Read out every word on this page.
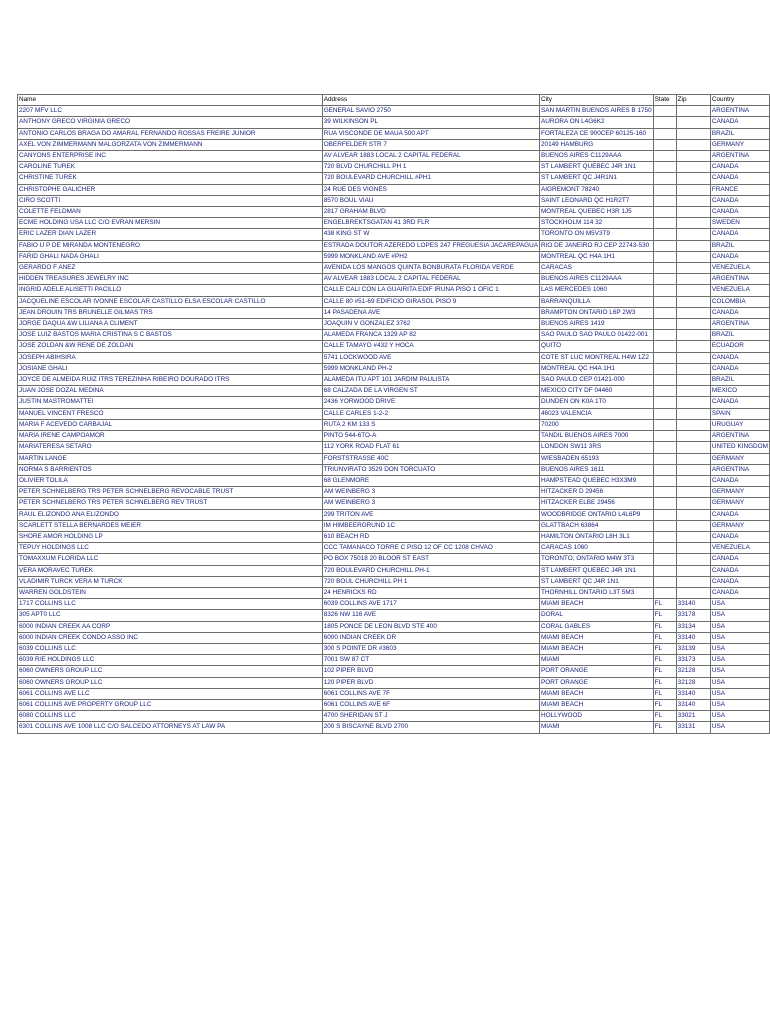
Name	Address	City	State	Zip	Country
2207 MFV LLC	GENERAL SAVIO 2750	SAN MARTIN BUENOS AIRES B 1750			ARGENTINA
ANTHONY GRECO VIRGINIA GRECO	39 WILKINSON PL	AURORA ON L4G6K2			CANADA
ANTONIO CARLOS BRAGA DO AMARAL FERNANDO ROSSAS FREIRE JUNIOR	RUA VISCONDE DE MAUA 500 APT	FORTALEZA CE 900CEP 60125-160			BRAZIL
AXEL VON ZIMMERMANN MALGORZATA VON ZIMMERMANN	OBERFELDER STR 7	20149 HAMBURG			GERMANY
CANYONS ENTERPRISE INC	AV ALVEAR 1883 LOCAL 2 CAPITAL FEDERAL	BUENOS AIRES C1129AAA			ARGENTINA
CAROLINE TUREK	720 BLVD CHURCHILL PH 1	ST LAMBERT QUEBEC J4R 1N1			CANADA
CHRISTINE TUREK	720 BOULEVARD CHURCHILL #PH1	ST LAMBERT QC J4R1N1			CANADA
CHRISTOPHE GALICHER	24 RUE DES VIGNES	AIGREMONT 78240			FRANCE
CIRO SCOTTI	8570 BOUL VIAU	SAINT LEONARD QC H1R2T7			CANADA
COLETTE FELDMAN	2817 GRAHAM BLVD	MONTREAL QUEBEC H3R 1J5			CANADA
ECME HOLDING USA LLC C/O EVRAN MERSIN	ENGELBREKTSGATAN 41 3RD FLR	STOCKHOLM 114 32			SWEDEN
ERIC LAZER DIAN LAZER	438 KING ST W	TORONTO ON M5V3T9			CANADA
FABIO U P DE MIRANDA MONTENEGRO	ESTRADA DOUTOR AZEREDO LOPES 247 FREGUESIA JACAREPAGUA	RIO DE JANEIRO RJ CEP 22743-530			BRAZIL
FARID GHALI NADA GHALI	5999 MONKLAND AVE #PH2	MONTREAL QC H4A 1H1			CANADA
GERARDO F ANEZ	AVENIDA LOS MANGOS QUINTA BONBURATA FLORIDA VERDE	CARACAS			VENEZUELA
HIDDEN TREASURES JEWELRY INC	AV ALVEAR 1883 LOCAL 2 CAPITAL FEDERAL	BUENOS AIRES C1129AAA			ARGENTINA
INGRID ADELE ALISETTI PACILLO	CALLE CALI CON LA GUAIRITA EDIF IRUNA PISO 1 OFIC 1	LAS MERCEDES 1060			VENEZUELA
JACQUELINE ESCOLAR IVONNE ESCOLAR CASTILLO ELSA ESCOLAR CASTILLO	CALLE 80 #51-69 EDIFICIO GIRASOL PISO 9	BARRANQUILLA			COLOMBIA
JEAN DROUIN TRS BRUNELLE GILMAS TRS	14 PASADENA AVE	BRAMPTON ONTARIO L6P 2W3			CANADA
JORGE DAQUA &W LILIANA A CLIMENT	JOAQUIN V GONZALEZ 3762	BUENOS AIRES 1419			ARGENTINA
JOSE LUIZ BASTOS MARIA CRISTINA S C BASTOS	ALAMEDA FRANCA 1329 AP 82	SAO PAULO SAO PAULO 01422-001			BRAZIL
JOSE ZOLDAN &W RENE DE ZOLDAN	CALLE TAMAYO #432 Y HOCA	QUITO			ECUADOR
JOSEPH ABIHSIRA	5741 LOCKWOOD AVE	COTE ST LUC MONTREAL H4W 1Z2			CANADA
JOSIANE GHALI	5999 MONKLAND PH-2	MONTREAL QC H4A 1H1			CANADA
JOYCE DE ALMEIDA RUIZ ITRS TEREZINHA RIBEIRO DOURADO ITRS	ALAMEDA ITU APT 101 JARDIM PAULISTA	SAO PAULO CEP 01421-000			BRAZIL
JUAN JOSE DOZAL MEDINA	68 CALZADA DE LA VIRGEN ST	MEXICO CITY DF 04460			MEXICO
JUSTIN MASTROMATTEI	2436 YORWOOD DRIVE	DUNDEN ON K0A 1T0			CANADA
MANUEL VINCENT FRESCO	CALLE CARLES 1-2-2	46023 VALENCIA			SPAIN
MARIA F ACEVEDO CARBAJAL	RUTA 2 KM 133 S	70200			URUGUAY
MARIA IRENE CAMPOAMOR	PINTO 544-6TO-A	TANDIL BUENOS AIRES 7000			ARGENTINA
MARIATERESA SETARO	112 YORK ROAD FLAT 61	LONDON SW11 3RS			UNITED KINGDOM
MARTIN LANGE	FORSTSTRASSE 40C	WIESBADEN 65193			GERMANY
NORMA S BARRIENTOS	TRIUNVIRATO 3529 DON TORCUATO	BUENOS AIRES 1611			ARGENTINA
OLIVIER TOLILA	68 GLENMORE	HAMPSTEAD QUEBEC H3X3M9			CANADA
PETER SCHNELBERG TRS PETER SCHNELBERG REVOCABLE TRUST	AM WEINBERG 3	HITZACKER D 29456			GERMANY
PETER SCHNELBERG TRS PETER SCHNELBERG REV TRUST	AM WEINBERG 3	HITZACKER ELBE 29456			GERMANY
RAUL ELIZONDO ANA ELIZONDO	299 TRITON AVE	WOODBRIDGE ONTARIO L4L6P9			CANADA
SCARLETT STELLA BERNARDES MEIER	IM HIMBEERGRUND 1C	GLATTBACH 63864			GERMANY
SHORE AMOR HOLDING LP	610 BEACH RD	HAMILTON ONTARIO L8H 3L1			CANADA
TEPUY HOLDINGS LLC	CCC TAMANACO TORRE C PISO 12 OF CC 1208 CHVAO	CARACAS 1060			VENEZUELA
TOMAXXUM FLORIDA LLC	PO BOX 75018 20 BLOOR ST EAST	TORONTO, ONTARIO M4W 3T3			CANADA
VERA MORAVEC TUREK	720 BOULEVARD CHURCHILL PH-1	ST LAMBERT QUEBEC J4R 1N1			CANADA
VLADIMIR TURCK VERA M TURCK	720 BOUL CHURCHILL PH 1	ST LAMBERT QC J4R 1N1			CANADA
WARREN GOLDSTEIN	24 HENRICKS RD	THORNHILL ONTARIO L3T 5M3			CANADA
1717 COLLINS LLC	6039 COLLINS AVE 1717	MIAMI BEACH	FL	33140	USA
305 APT0 LLC	8326 NW 116 AVE	DORAL	FL	33178	USA
6000 INDIAN CREEK AA CORP	1805 PONCE DE LEON BLVD STE 400	CORAL GABLES	FL	33134	USA
6000 INDIAN CREEK CONDO ASSO INC	6000 INDIAN CREEK DR	MIAMI BEACH	FL	33140	USA
6039 COLLINS LLC	300 S POINTE DR #3603	MIAMI BEACH	FL	33139	USA
6039 R/E HOLDINGS LLC	7001 SW 87 CT	MIAMI	FL	33173	USA
6060 OWNERS GROUP LLC	102 PIPER BLVD	PORT ORANGE	FL	32128	USA
6060 OWNERS GROUP LLC	120 PIPER BLVD	PORT ORANGE	FL	32128	USA
6061 COLLINS AVE LLC	6061 COLLINS AVE 7F	MIAMI BEACH	FL	33140	USA
6061 COLLINS AVE PROPERTY GROUP LLC	6061 COLLINS AVE 6F	MIAMI BEACH	FL	33140	USA
6080 COLLINS LLC	4700 SHERIDAN ST J	HOLLYWOOD	FL	33021	USA
6301 COLLINS AVE 1008 LLC C/O SALCEDO ATTORNEYS AT LAW PA	200 S BISCAYNE BLVD 2700	MIAMI	FL	33131	USA
